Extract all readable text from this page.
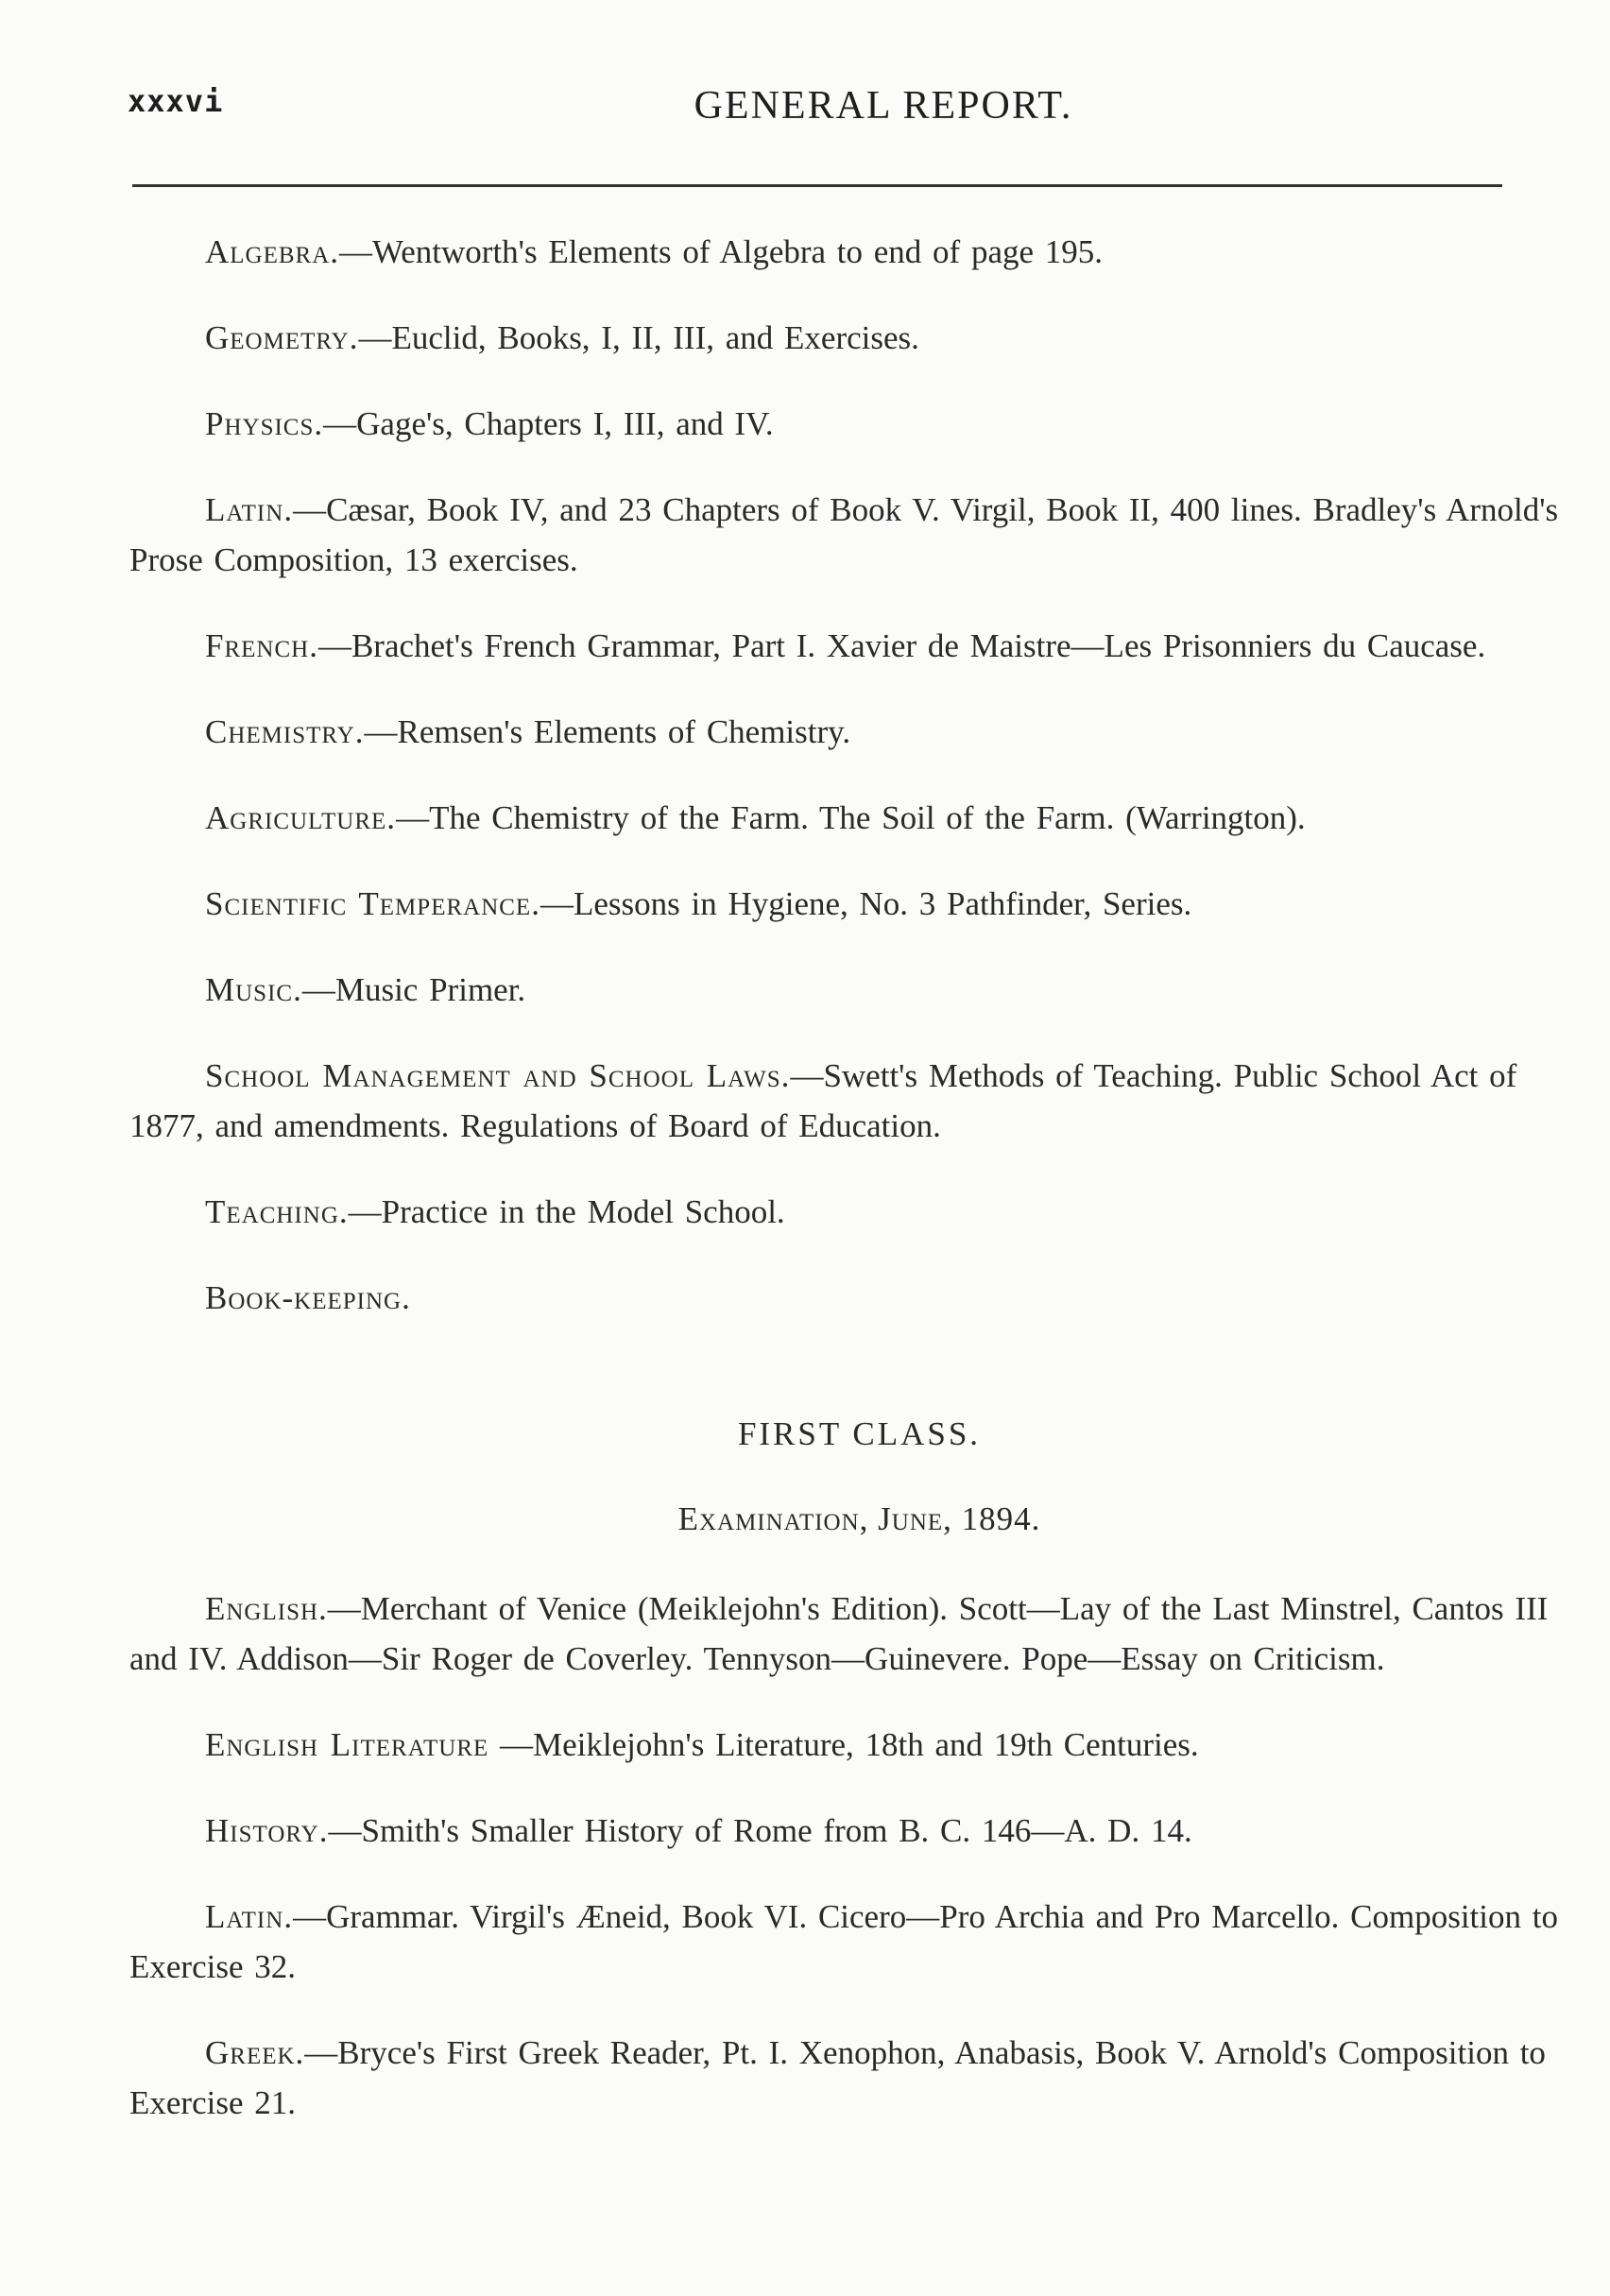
xxxvi	GENERAL REPORT.

Algebra.—Wentworth's Elements of Algebra to end of page 195.

Geometry.—Euclid, Books, I, II, III, and Exercises.

Physics.—Gage's, Chapters I, III, and IV.

Latin.—Cæsar, Book IV, and 23 Chapters of Book V. Virgil, Book II, 400 lines. Bradley's Arnold's Prose Composition, 13 exercises.

French.—Brachet's French Grammar, Part I. Xavier de Maistre—Les Prisonniers du Caucase.

Chemistry.—Remsen's Elements of Chemistry.

Agriculture.—The Chemistry of the Farm. The Soil of the Farm. (Warrington).

Scientific Temperance.—Lessons in Hygiene, No. 3 Pathfinder, Series.

Music.—Music Primer.

School Management and School Laws.—Swett's Methods of Teaching. Public School Act of 1877, and amendments. Regulations of Board of Education.

Teaching.—Practice in the Model School.

Book-keeping.

FIRST CLASS.
Examination, June, 1894.

English.—Merchant of Venice (Meiklejohn's Edition). Scott—Lay of the Last Minstrel, Cantos III and IV. Addison—Sir Roger de Coverley. Tennyson—Guinevere. Pope—Essay on Criticism.

English Literature —Meiklejohn's Literature, 18th and 19th Centuries.

History.—Smith's Smaller History of Rome from B. C. 146—A. D. 14.

Latin.—Grammar. Virgil's Æneid, Book VI. Cicero—Pro Archia and Pro Marcello. Composition to Exercise 32.

Greek.—Bryce's First Greek Reader, Pt. I. Xenophon, Anabasis, Book V. Arnold's Composition to Exercise 21.
